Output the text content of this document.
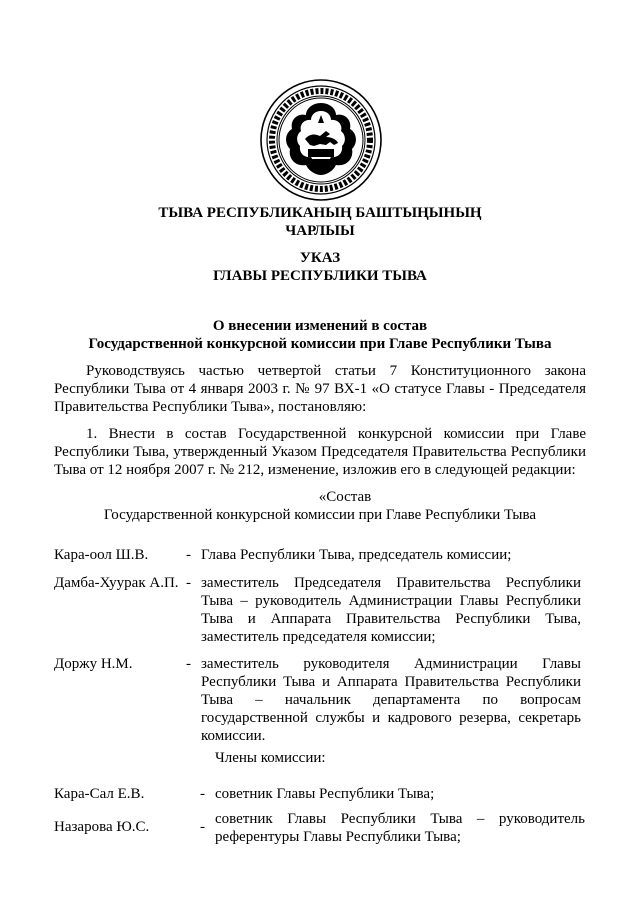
ТЫВА РЕСПУБЛИКАНЫҢ БАШТЫҢЫНЫҢ
ЧАРЛЫЫ
УКАЗ
ГЛАВЫ РЕСПУБЛИКИ ТЫВА
О внесении изменений в состав
Государственной конкурсной комиссии при Главе Республики Тыва
Руководствуясь частью четвертой статьи 7 Конституционного закона
Республики Тыва от 4 января 2003 г. № 97 ВХ-1 «О статусе Главы - Председателя
Правительства Республики Тыва», постановляю:
1. Внести в состав Государственной конкурсной комиссии при Главе
Республики Тыва, утвержденный Указом Председателя Правительства Республики
Тыва от 12 ноября 2007 г. № 212, изменение, изложив его в следующей редакции:
«Состав
Государственной конкурсной комиссии при Главе Республики Тыва
Кара-оол Ш.В.	- Глава Республики Тыва, председатель комиссии;
Дамба-Хуурак А.П. - заместитель Председателя Правительства Республики
Тыва – руководитель Администрации Главы Республики
Тыва и Аппарата Правительства Республики Тыва,
заместитель председателя комиссии;
Доржу Н.М.	- заместитель руководителя Администрации Главы
Республики Тыва и Аппарата Правительства Республики
Тыва – начальник департамента по вопросам
государственной службы и кадрового резерва, секретарь
комиссии.
Члены комиссии:
Кара-Сал Е.В.	- советник Главы Республики Тыва;
Назарова Ю.С.	- советник Главы Республики Тыва – руководитель
референтуры Главы Республики Тыва;
